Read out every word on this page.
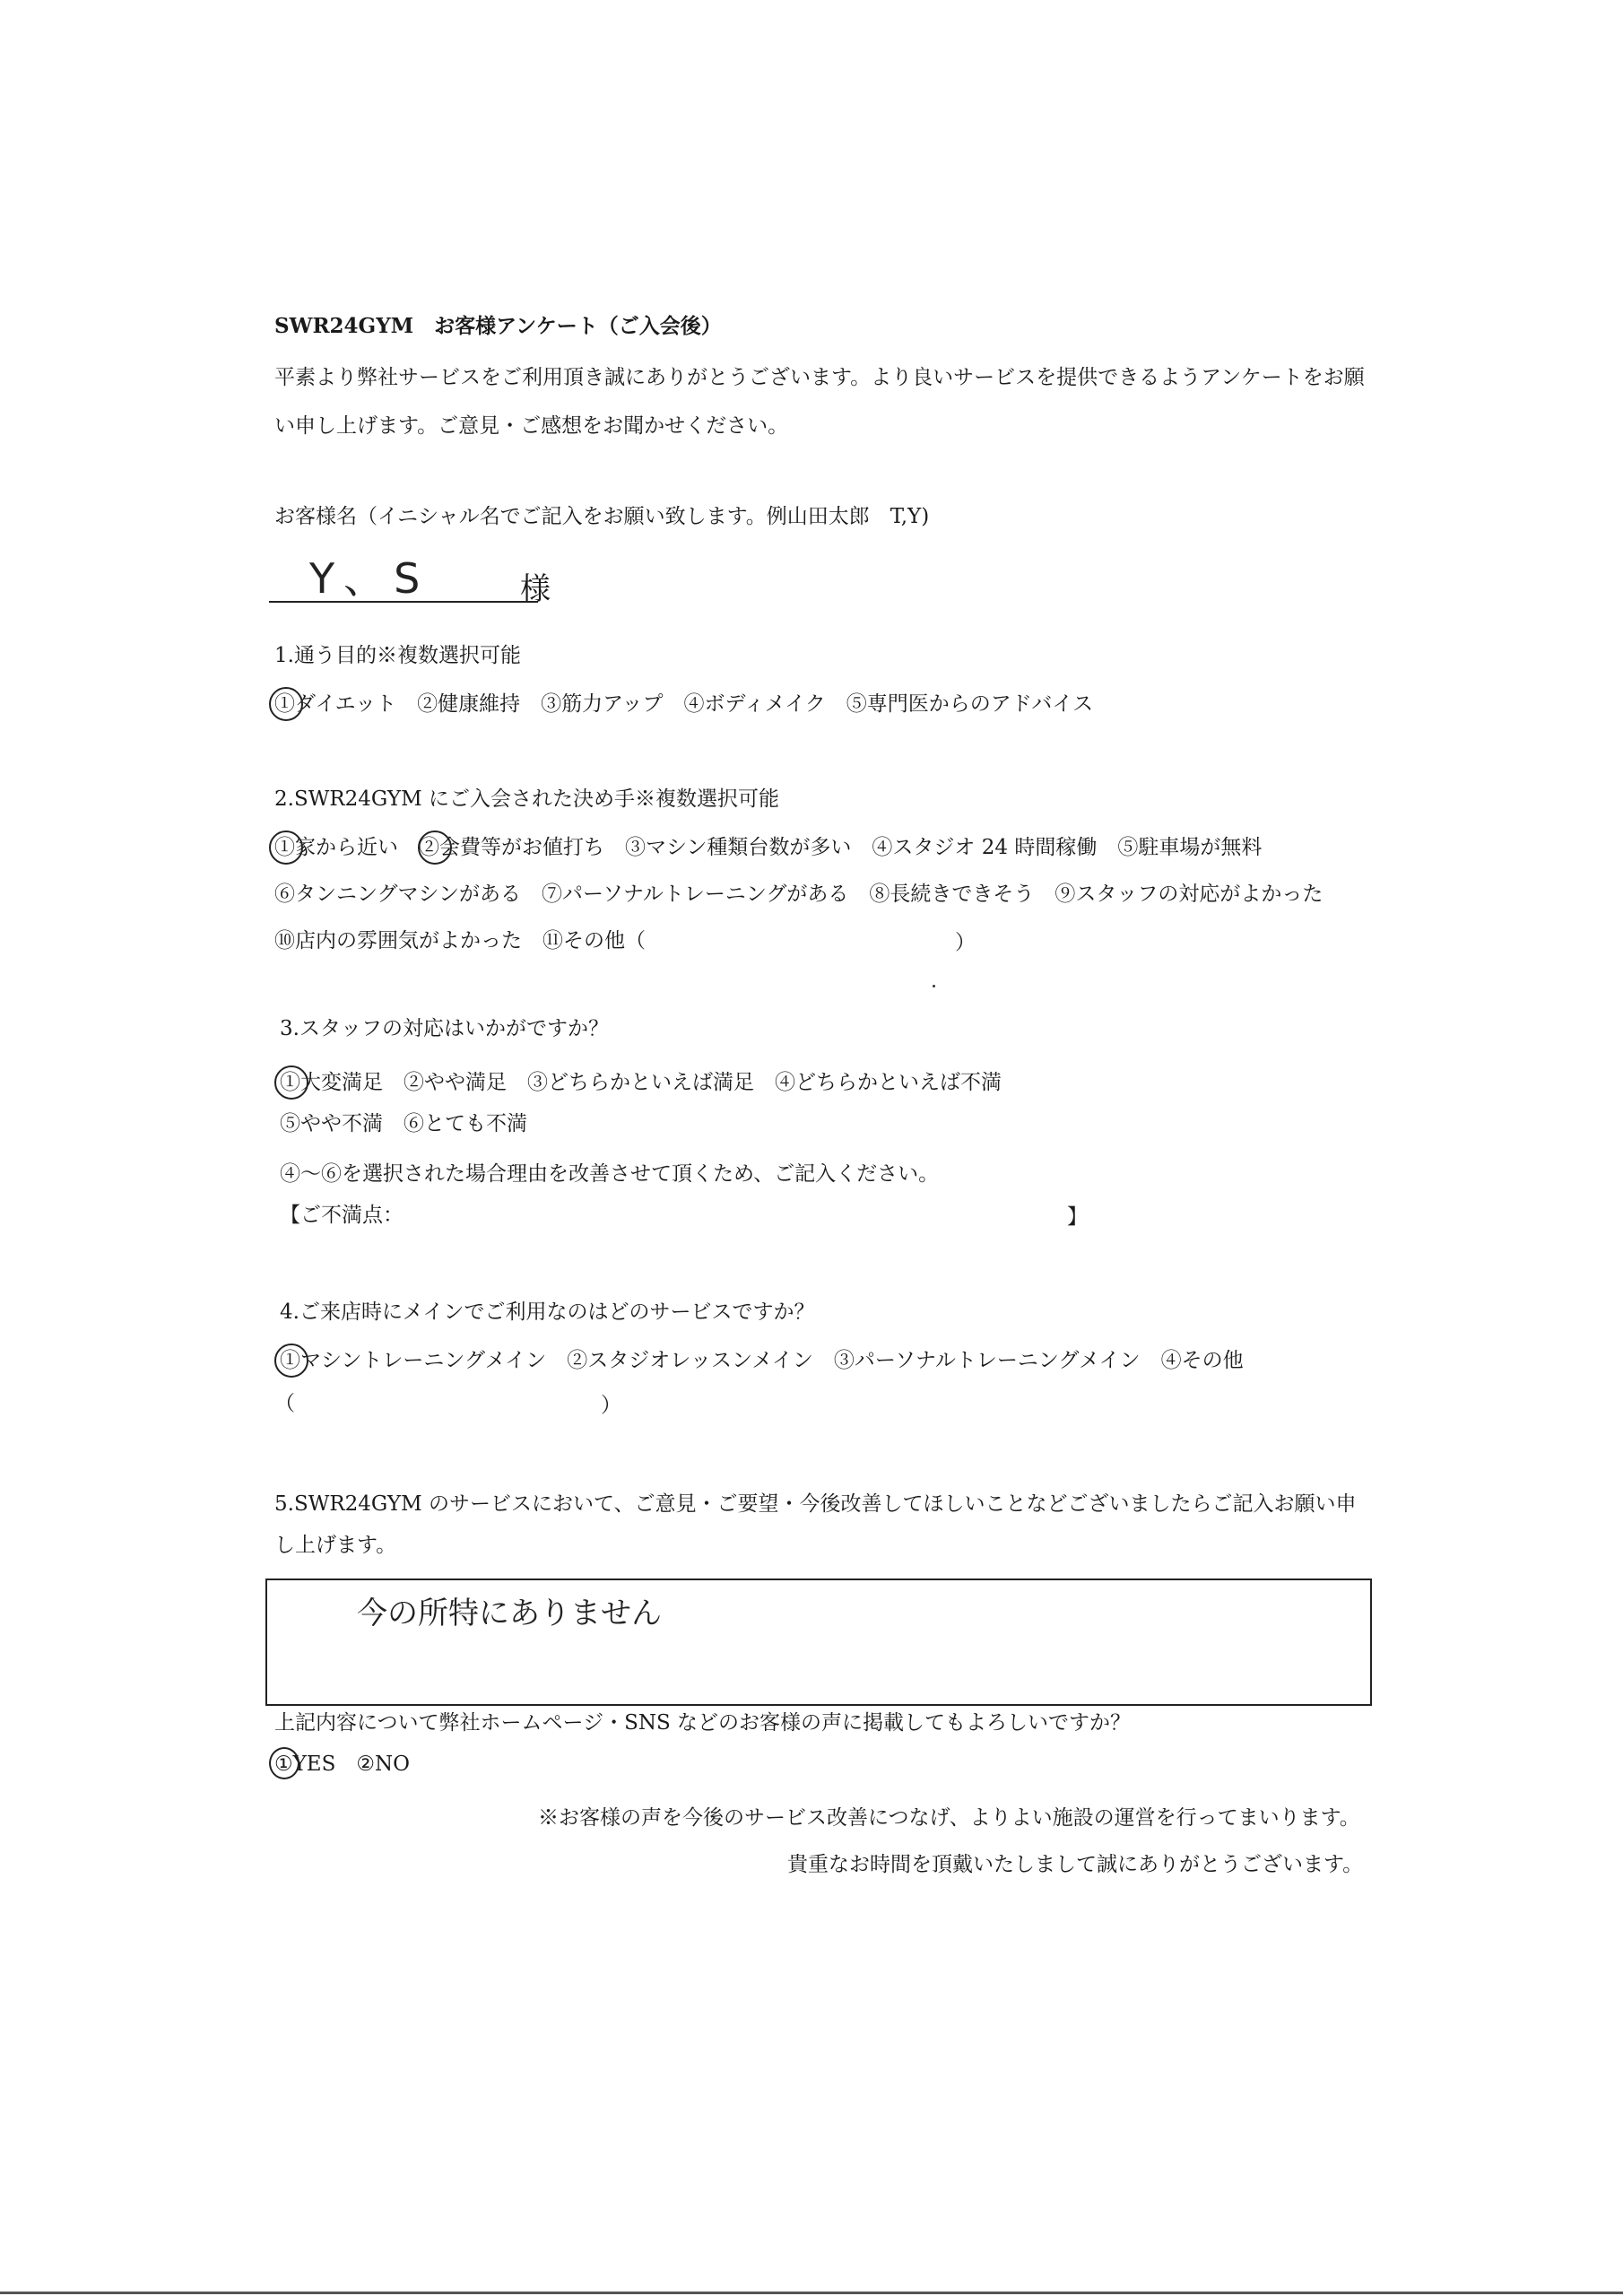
SWR24GYM　お客様アンケート（ご入会後）
平素より弊社サービスをご利用頂き誠にありがとうございます。より良いサービスを提供できるようアンケートをお願
い申し上げます。ご意見・ご感想をお聞かせください。
お客様名（イニシャル名でご記入をお願い致します。例山田太郎　T,Y)
Y、S	様
1.通う目的※複数選択可能
①ダイエット　②健康維持　③筋力アップ　④ボディメイク　⑤専門医からのアドバイス
2.SWR24GYM にご入会された決め手※複数選択可能
①家から近い　②会費等がお値打ち　③マシン種類台数が多い　④スタジオ 24 時間稼働　⑤駐車場が無料
⑥タンニングマシンがある　⑦パーソナルトレーニングがある　⑧長続きできそう　⑨スタッフの対応がよかった
⑩店内の雰囲気がよかった　⑪その他（	）
3.スタッフの対応はいかがですか？
①大変満足　②やや満足　③どちらかといえば満足　④どちらかといえば不満
⑤やや不満　⑥とても不満
④～⑥を選択された場合理由を改善させて頂くため、ご記入ください。
【ご不満点：	】
4.ご来店時にメインでご利用なのはどのサービスですか？
①マシントレーニングメイン　②スタジオレッスンメイン　③パーソナルトレーニングメイン　④その他
（	）
5.SWR24GYM のサービスにおいて、ご意見・ご要望・今後改善してほしいことなどございましたらご記入お願い申
し上げます。
今の所特にありません
上記内容について弊社ホームページ・SNS などのお客様の声に掲載してもよろしいですか？
①YES　②NO
※お客様の声を今後のサービス改善につなげ、よりよい施設の運営を行ってまいります。
貴重なお時間を頂戴いたしまして誠にありがとうございます。
